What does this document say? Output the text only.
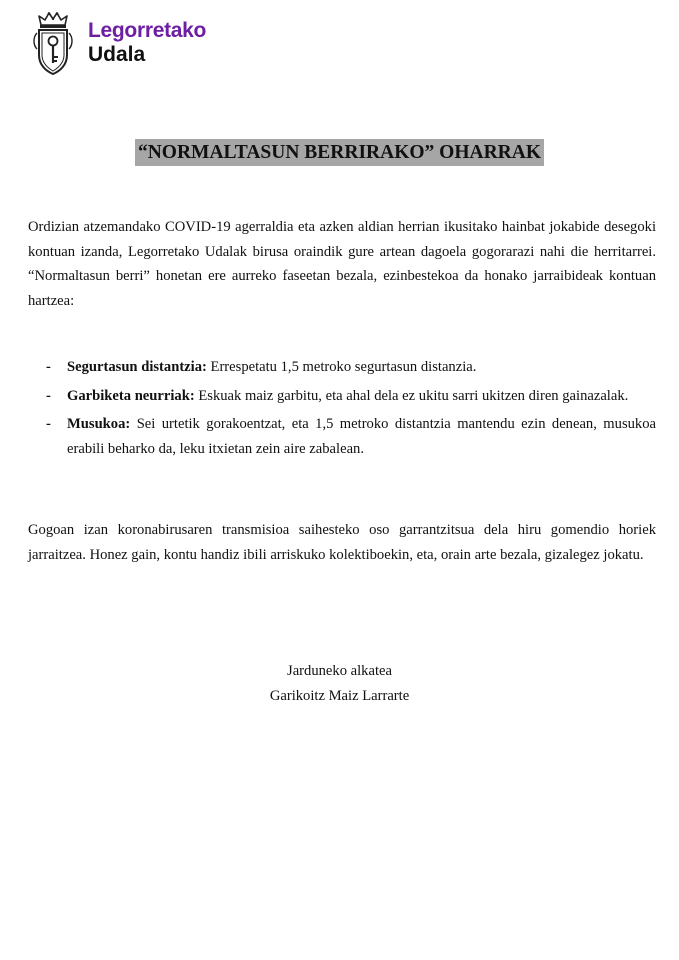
Legorretako
Udala
“NORMALTASUN BERRIRAKO” OHARRAK

Ordizian atzemandako COVID-19 agerraldia eta azken aldian herrian ikusitako hainbat jokabide desegoki kontuan izanda, Legorretako Udalak birusa oraindik gure artean dagoela gogorarazi nahi die herritarrei. “Normaltasun berri” honetan ere aurreko faseetan bezala, ezinbestekoa da honako jarraibideak kontuan hartzea:

- Segurtasun distantzia: Errespetatu 1,5 metroko segurtasun distanzia.
- Garbiketa neurriak: Eskuak maiz garbitu, eta ahal dela ez ukitu sarri ukitzen diren gainazalak.
- Musukoa: Sei urtetik gorakoentzat, eta 1,5 metroko distantzia mantendu ezin denean, musukoa erabili beharko da, leku itxietan zein aire zabalean.

Gogoan izan koronabirusaren transmisioa saihesteko oso garrantzitsua dela hiru gomendio horiek jarraitzea. Honez gain, kontu handiz ibili arriskuko kolektiboekin, eta, orain arte bezala, gizalegez jokatu.

Jarduneko alkatea
Garikoitz Maiz Larrarte
